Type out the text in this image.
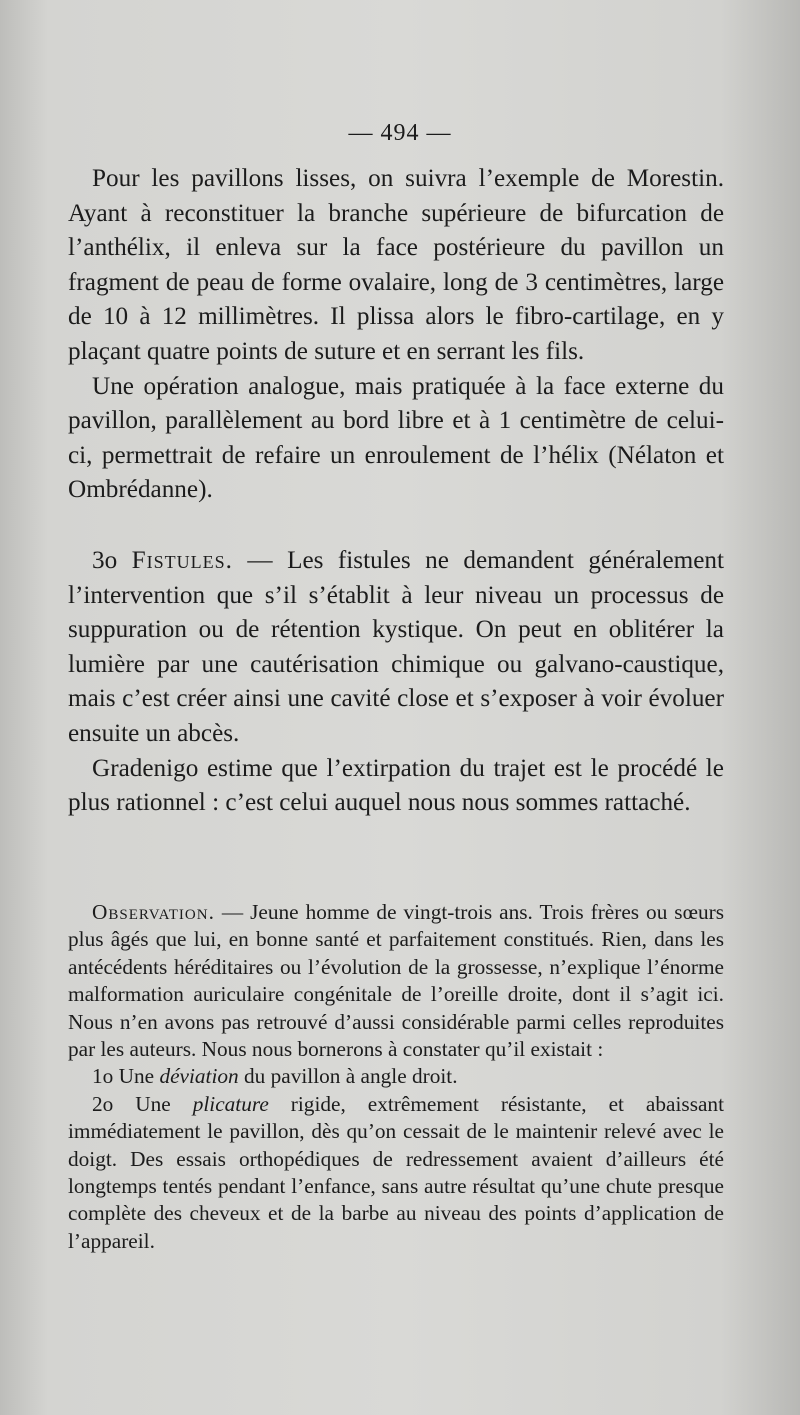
— 494 —

Pour les pavillons lisses, on suivra l’exemple de Morestin. Ayant à reconstituer la branche supérieure de bifurcation de l’anthélix, il enleva sur la face postérieure du pavillon un fragment de peau de forme ovalaire, long de 3 centimètres, large de 10 à 12 millimètres. Il plissa alors le fibro-cartilage, en y plaçant quatre points de suture et en serrant les fils.

Une opération analogue, mais pratiquée à la face externe du pavillon, parallèlement au bord libre et à 1 centimètre de celui-ci, permettrait de refaire un enroulement de l’hélix (Nélaton et Ombrédanne).

3o Fistules. — Les fistules ne demandent généralement l’intervention que s’il s’établit à leur niveau un processus de suppuration ou de rétention kystique. On peut en oblitérer la lumière par une cautérisation chimique ou galvano-caustique, mais c’est créer ainsi une cavité close et s’exposer à voir évoluer ensuite un abcès.

Gradenigo estime que l’extirpation du trajet est le procédé le plus rationnel : c’est celui auquel nous nous sommes rattaché.

Observation. — Jeune homme de vingt-trois ans. Trois frères ou sœurs plus âgés que lui, en bonne santé et parfaitement constitués. Rien, dans les antécédents héréditaires ou l’évolution de la grossesse, n’explique l’énorme malformation auriculaire congénitale de l’oreille droite, dont il s’agit ici. Nous n’en avons pas retrouvé d’aussi considérable parmi celles reproduites par les auteurs. Nous nous bornerons à constater qu’il existait :

1o Une déviation du pavillon à angle droit.

2o Une plicature rigide, extrêmement résistante, et abaissant immédiatement le pavillon, dès qu’on cessait de le maintenir relevé avec le doigt. Des essais orthopédiques de redressement avaient d’ailleurs été longtemps tentés pendant l’enfance, sans autre résultat qu’une chute presque complète des cheveux et de la barbe au niveau des points d’application de l’appareil.
